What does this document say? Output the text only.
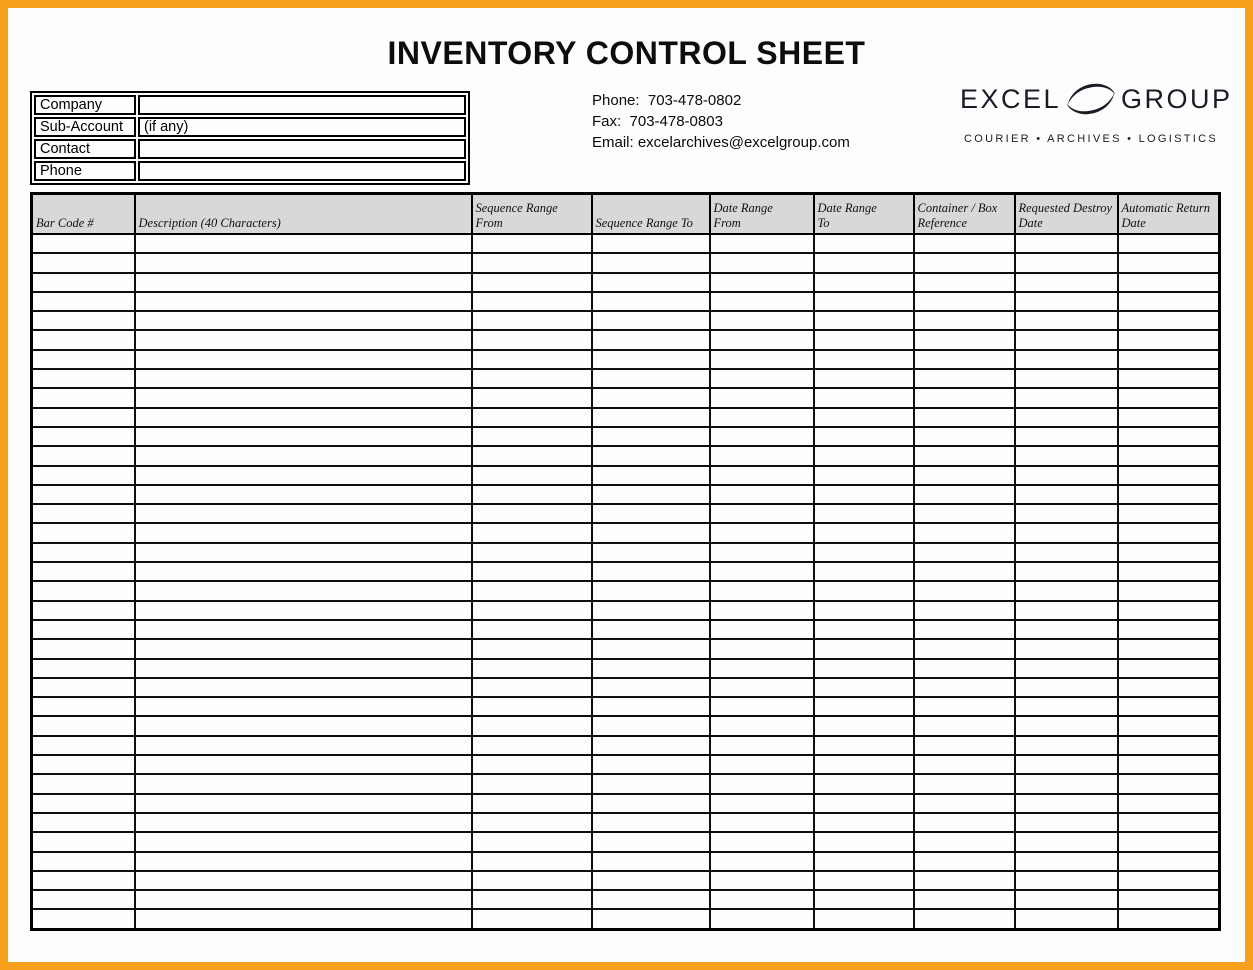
INVENTORY CONTROL SHEET
Company	
Sub-Account	(if any)
Contact	
Phone	
Phone:  703-478-0802
Fax:  703-478-0803
Email: excelarchives@excelgroup.com
EXCEL GROUP
COURIER • ARCHIVES • LOGISTICS
Bar Code #	Description (40 Characters)	Sequence Range From	Sequence Range To	Date Range From	Date Range To	Container / Box Reference	Requested Destroy Date	Automatic Return Date
